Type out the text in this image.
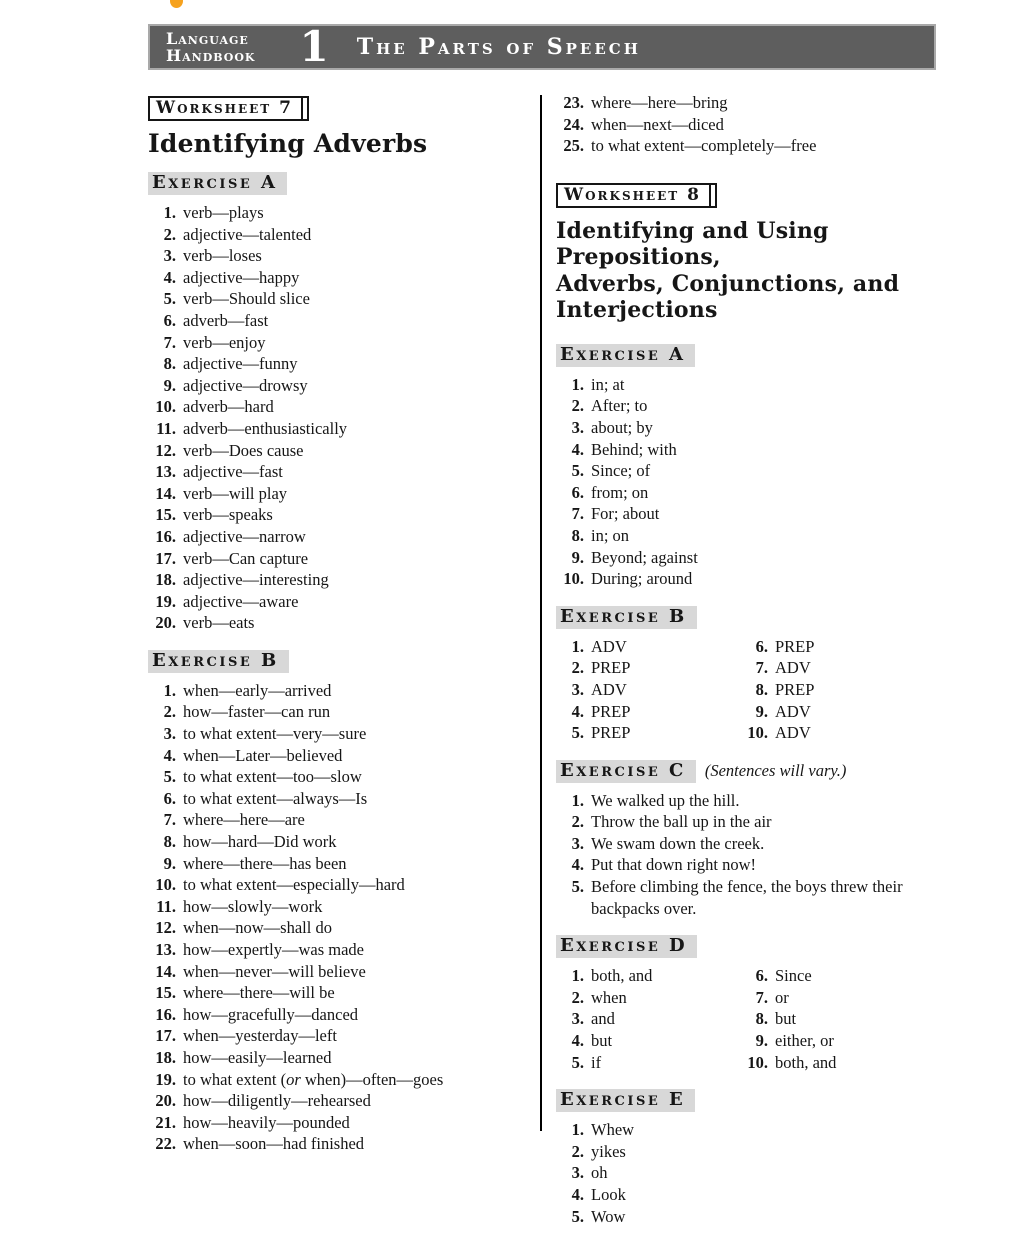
Language
Handbook 1 The Parts of Speech
Worksheet 7
Identifying Adverbs
Exercise A
1. verb—plays
2. adjective—talented
3. verb—loses
4. adjective—happy
5. verb—Should slice
6. adverb—fast
7. verb—enjoy
8. adjective—funny
9. adjective—drowsy
10. adverb—hard
11. adverb—enthusiastically
12. verb—Does cause
13. adjective—fast
14. verb—will play
15. verb—speaks
16. adjective—narrow
17. verb—Can capture
18. adjective—interesting
19. adjective—aware
20. verb—eats
Exercise B
1. when—early—arrived
2. how—faster—can run
3. to what extent—very—sure
4. when—Later—believed
5. to what extent—too—slow
6. to what extent—always—Is
7. where—here—are
8. how—hard—Did work
9. where—there—has been
10. to what extent—especially—hard
11. how—slowly—work
12. when—now—shall do
13. how—expertly—was made
14. when—never—will believe
15. where—there—will be
16. how—gracefully—danced
17. when—yesterday—left
18. how—easily—learned
19. to what extent (or when)—often—goes
20. how—diligently—rehearsed
21. how—heavily—pounded
22. when—soon—had finished
23. where—here—bring
24. when—next—diced
25. to what extent—completely—free
Worksheet 8
Identifying and Using Prepositions,
Adverbs, Conjunctions, and
Interjections
Exercise A
1. in; at
2. After; to
3. about; by
4. Behind; with
5. Since; of
6. from; on
7. For; about
8. in; on
9. Beyond; against
10. During; around
Exercise B
1. ADV
2. PREP
3. ADV
4. PREP
5. PREP
6. PREP
7. ADV
8. PREP
9. ADV
10. ADV
Exercise C	(Sentences will vary.)
1. We walked up the hill.
2. Throw the ball up in the air
3. We swam down the creek.
4. Put that down right now!
5. Before climbing the fence, the boys threw their backpacks over.
Exercise D
1. both, and
2. when
3. and
4. but
5. if
6. Since
7. or
8. but
9. either, or
10. both, and
Exercise E
1. Whew
2. yikes
3. oh
4. Look
5. Wow
